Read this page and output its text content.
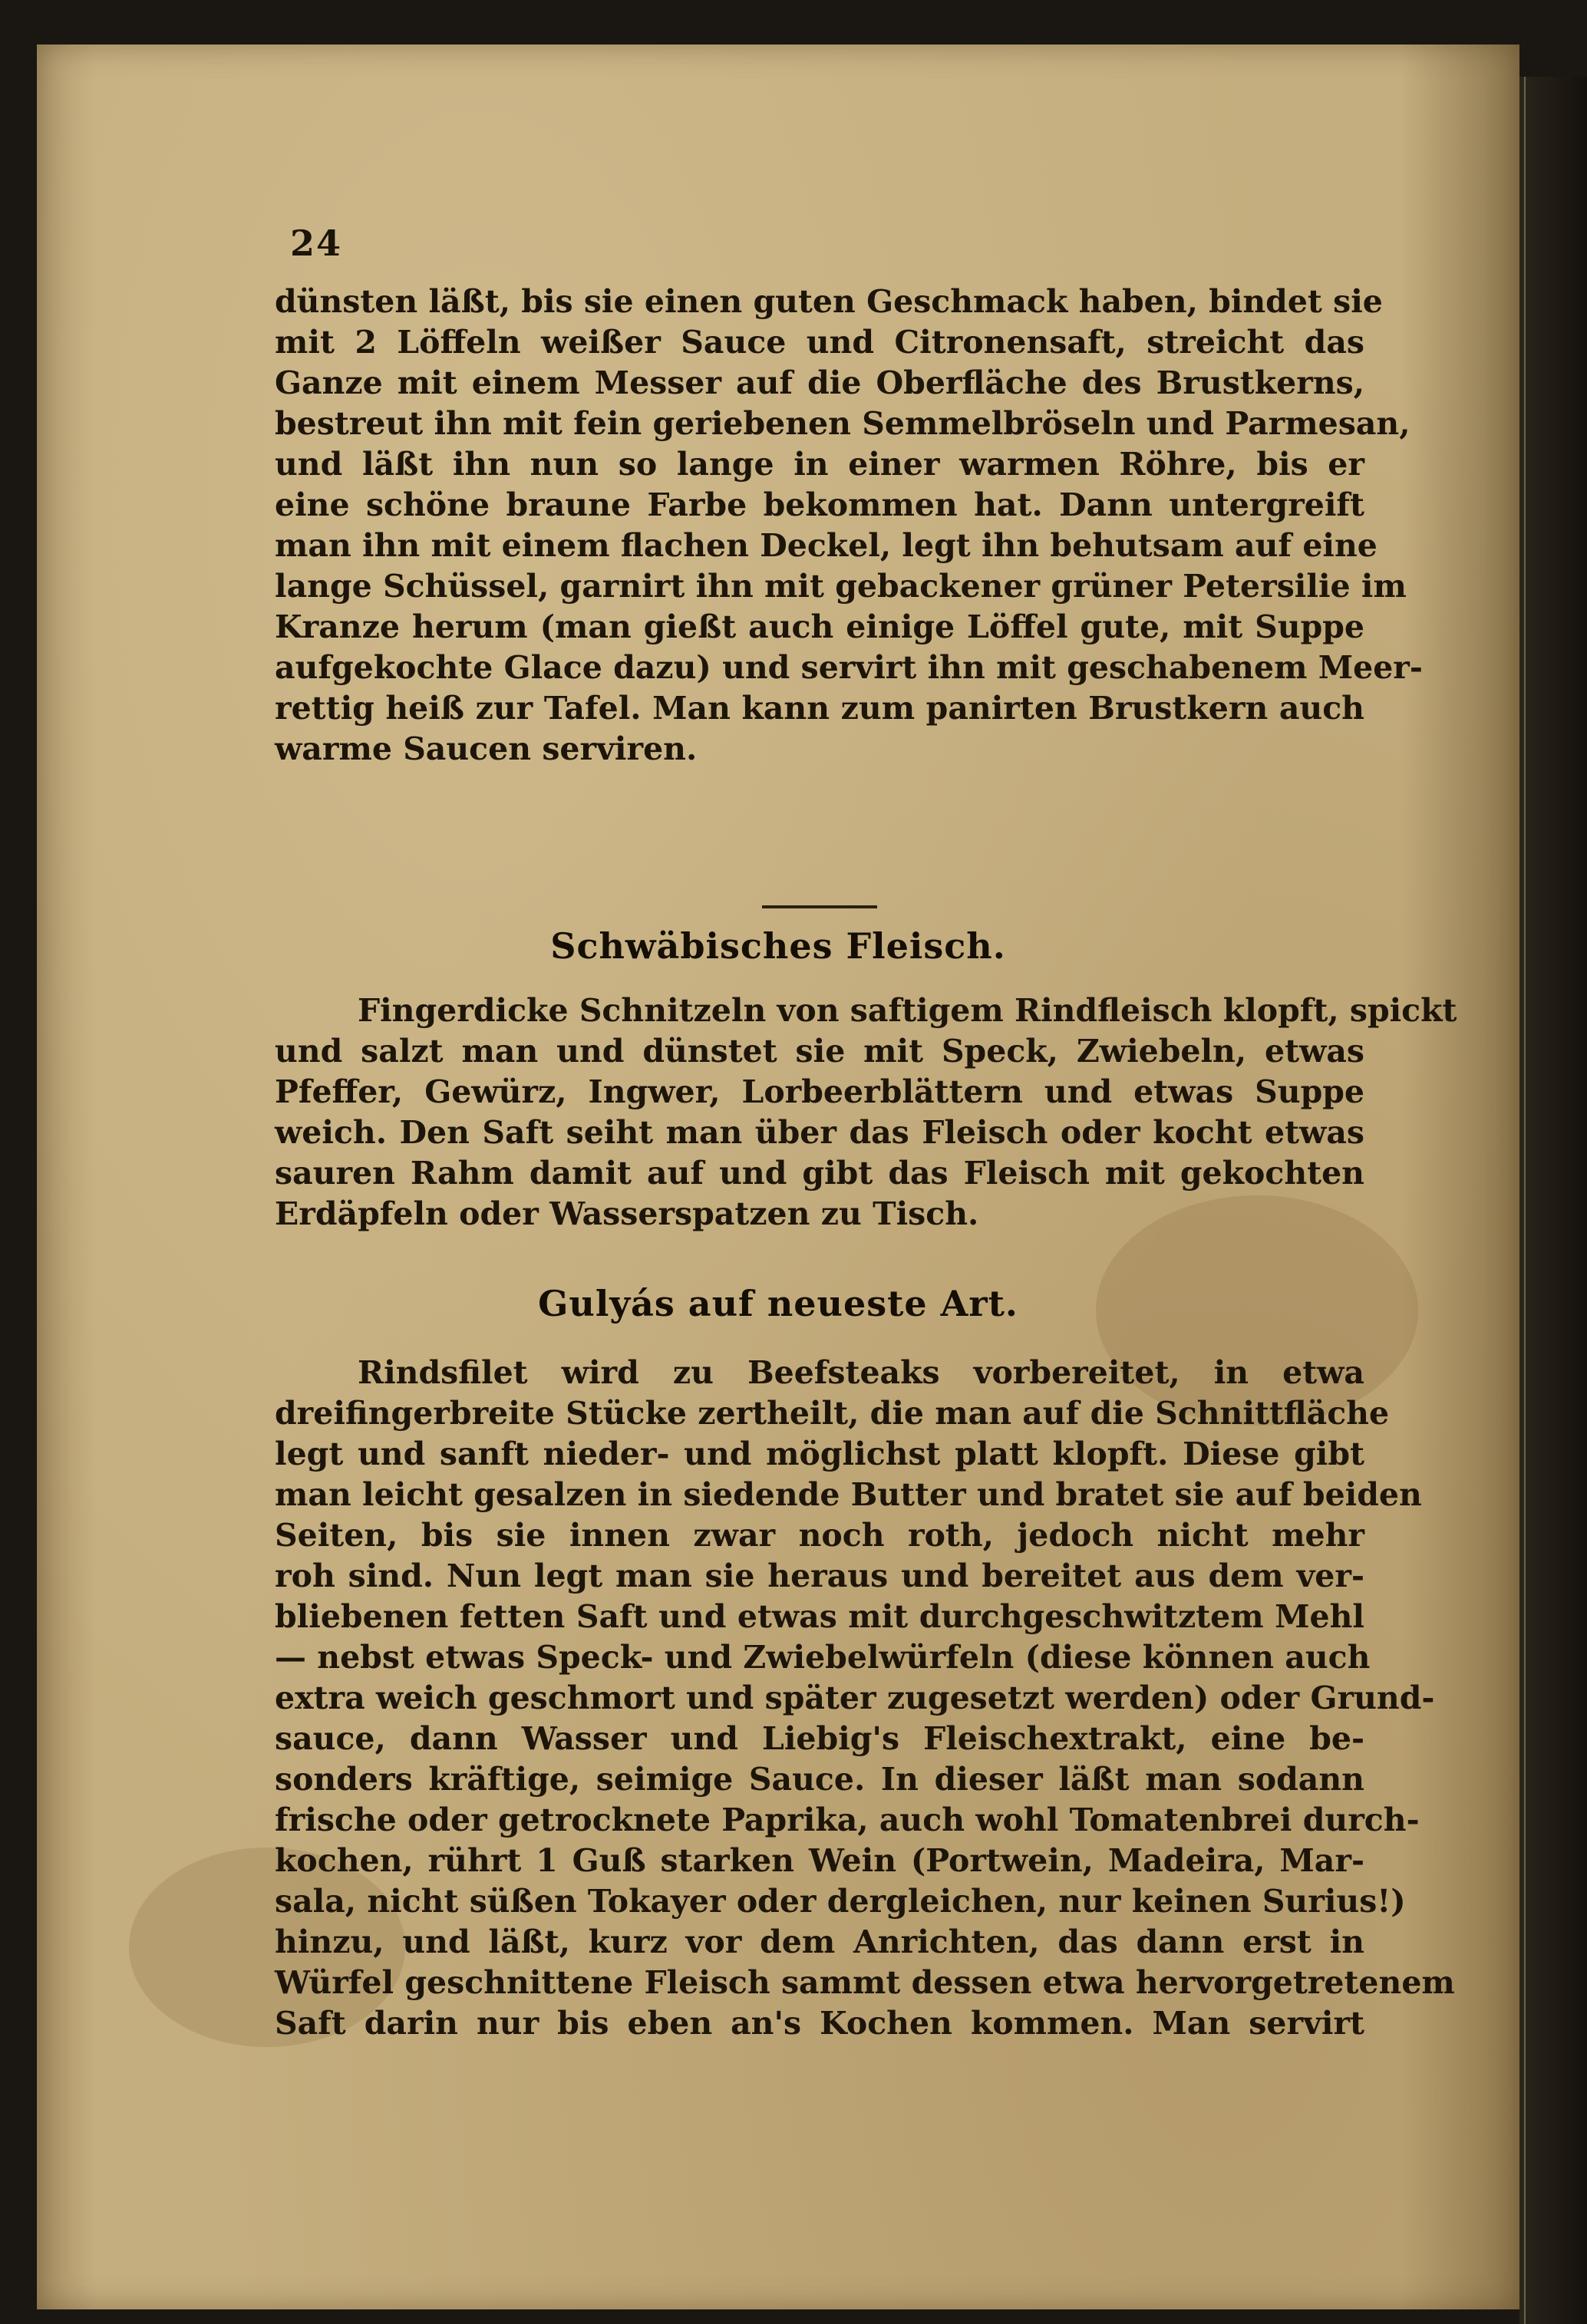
24
dünsten läßt, bis sie einen guten Geschmack haben, bindet sie
mit 2 Löffeln weißer Sauce und Citronensaft, streicht das
Ganze mit einem Messer auf die Oberfläche des Brustkerns,
bestreut ihn mit fein geriebenen Semmelbröseln und Parmesan,
und läßt ihn nun so lange in einer warmen Röhre, bis er
eine schöne braune Farbe bekommen hat. Dann untergreift
man ihn mit einem flachen Deckel, legt ihn behutsam auf eine
lange Schüssel, garnirt ihn mit gebackener grüner Petersilie im
Kranze herum (man gießt auch einige Löffel gute, mit Suppe
aufgekochte Glace dazu) und servirt ihn mit geschabenem Meer-
rettig heiß zur Tafel. Man kann zum panirten Brustkern auch
warme Saucen serviren.
Schwäbisches Fleisch.
Fingerdicke Schnitzeln von saftigem Rindfleisch klopft, spickt
und salzt man und dünstet sie mit Speck, Zwiebeln, etwas
Pfeffer, Gewürz, Ingwer, Lorbeerblättern und etwas Suppe
weich. Den Saft seiht man über das Fleisch oder kocht etwas
sauren Rahm damit auf und gibt das Fleisch mit gekochten
Erdäpfeln oder Wasserspatzen zu Tisch.
Gulyás auf neueste Art.
Rindsfilet wird zu Beefsteaks vorbereitet, in etwa
dreifingerbreite Stücke zertheilt, die man auf die Schnittfläche
legt und sanft nieder- und möglichst platt klopft. Diese gibt
man leicht gesalzen in siedende Butter und bratet sie auf beiden
Seiten, bis sie innen zwar noch roth, jedoch nicht mehr
roh sind. Nun legt man sie heraus und bereitet aus dem ver-
bliebenen fetten Saft und etwas mit durchgeschwitztem Mehl
— nebst etwas Speck- und Zwiebelwürfeln (diese können auch
extra weich geschmort und später zugesetzt werden) oder Grund-
sauce, dann Wasser und Liebig's Fleischextrakt, eine be-
sonders kräftige, seimige Sauce. In dieser läßt man sodann
frische oder getrocknete Paprika, auch wohl Tomatenbrei durch-
kochen, rührt 1 Guß starken Wein (Portwein, Madeira, Mar-
sala, nicht süßen Tokayer oder dergleichen, nur keinen Surius!)
hinzu, und läßt, kurz vor dem Anrichten, das dann erst in
Würfel geschnittene Fleisch sammt dessen etwa hervorgetretenem
Saft darin nur bis eben an's Kochen kommen. Man servirt
